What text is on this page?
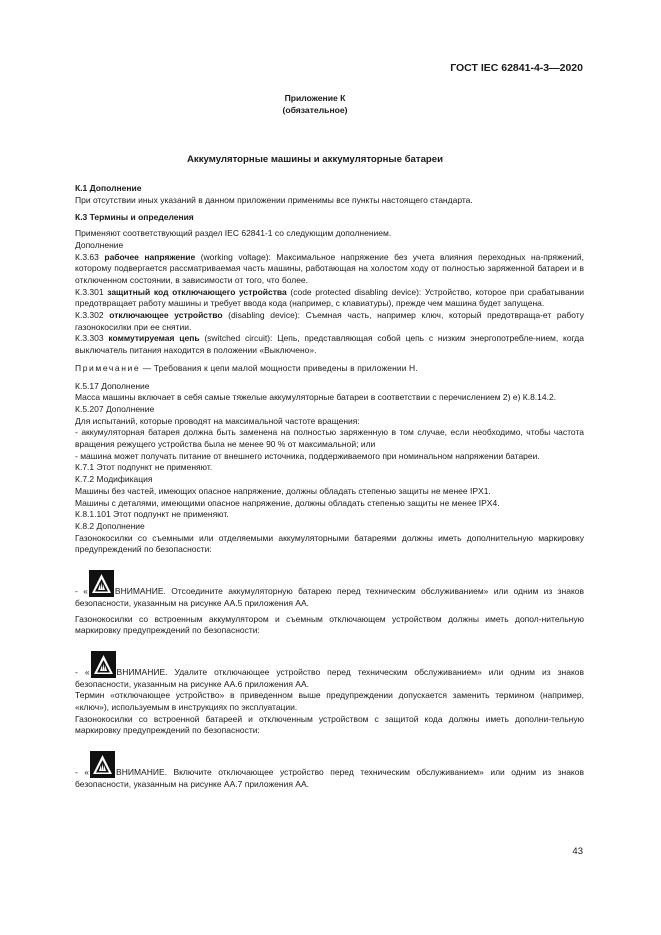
ГОСТ IEC 62841-4-3—2020
Приложение К
(обязательное)
Аккумуляторные машины и аккумуляторные батареи

К.1 Дополнение

При отсутствии иных указаний в данном приложении применимы все пункты настоящего стандарта.

К.3 Термины и определения

Применяют соответствующий раздел IEC 62841-1 со следующим дополнением.

Дополнение

К.3.63 рабочее напряжение (working voltage): Максимальное напряжение без учета влияния переходных на-пряжений, которому подвергается рассматриваемая часть машины, работающая на холостом ходу от полностью заряженной батареи и в отключенном состоянии, в зависимости от того, что более.

К.3.301 защитный код отключающего устройства (code protected disabling device): Устройство, которое при срабатывании предотвращает работу машины и требует ввода кода (например, с клавиатуры), прежде чем машина будет запущена.

К.3.302 отключающее устройство (disabling device): Съемная часть, например ключ, который предотвраща-ет работу газонокосилки при ее снятии.

К.3.303 коммутируемая цепь (switched circuit): Цепь, представляющая собой цепь с низким энергопотребле-нием, когда выключатель питания находится в положении «Выключено».

Примечание — Требования к цепи малой мощности приведены в приложении Н.

К.5.17 Дополнение

Масса машины включает в себя самые тяжелые аккумуляторные батареи в соответствии с перечислением 2) е) К.8.14.2.

К.5.207 Дополнение

Для испытаний, которые проводят на максимальной частоте вращения:

- аккумуляторная батарея должна быть заменена на полностью заряженную в том случае, если необходимо, чтобы частота вращения режущего устройства была не менее 90 % от максимальной; или

- машина может получать питание от внешнего источника, поддерживаемого при номинальном напряжении батареи.

К.7.1 Этот подпункт не применяют.

К.7.2 Модификация

Машины без частей, имеющих опасное напряжение, должны обладать степенью защиты не менее IPX1.

Машины с деталями, имеющими опасное напряжение, должны обладать степенью защиты не менее IPX4.

К.8.1.101 Этот подпункт не применяют.

К.8.2 Дополнение

Газонокосилки со съемными или отделяемыми аккумуляторными батареями должны иметь дополнительную маркировку предупреждений по безопасности:

- «	ВНИМАНИЕ. Отсоедините аккумуляторную батарею перед техническим обслуживанием» или одним из знаков безопасности, указанным на рисунке АА.5 приложения АА.

Газонокосилки со встроенным аккумулятором и съемным отключающем устройством должны иметь допол-нительную маркировку предупреждений по безопасности:

- «	ВНИМАНИЕ. Удалите отключающее устройство перед техническим обслуживанием» или одним из знаков безопасности, указанным на рисунке АА.6 приложения АА.

Термин «отключающее устройство» в приведенном выше предупреждении допускается заменить термином (например, «ключ»), используемым в инструкциях по эксплуатации.

Газонокосилки со встроенной батареей и отключенным устройством с защитой кода должны иметь дополни-тельную маркировку предупреждений по безопасности:

- «	ВНИМАНИЕ. Включите отключающее устройство перед техническим обслуживанием» или одним из знаков безопасности, указанным на рисунке АА.7 приложения АА.

43
